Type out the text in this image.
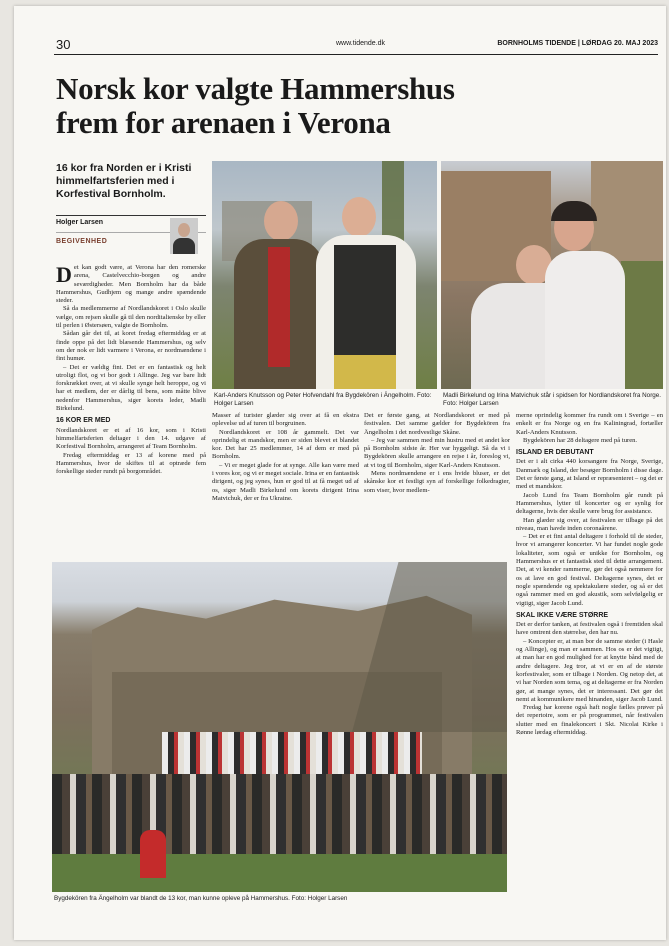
30	www.tidende.dk	BORNHOLMS TIDENDE | LØRDAG 20. MAJ 2023
Norsk kor valgte Hammershus frem for arenaen i Verona
16 kor fra Norden er i Kristi himmelfartsferien med i Korfestival Bornholm.
Holger Larsen
BEGIVENHED
Karl-Anders Knutsson og Peter Hofvendahl fra Bygdekören i Ängelholm. Foto: Holger Larsen
Madli Birkelund og Irina Matvichuk står i spidsen for Nordlandskoret fra Norge. Foto: Holger Larsen

Det kan godt være, at Verona har den romerske arena, Castelvecchio-borgen og andre seværdigheder. Men Bornholm har da både Hammershus, Gudhjem og mange andre spændende steder.

Så da medlemmerne af Nordlandskoret i Oslo skulle vælge, om rejsen skulle gå til den norditalienske by eller til perlen i Østersøen, valgte de Bornholm.

Sådan går det til, at koret fredag eftermiddag er at finde oppe på det lidt blæsende Hammershus, og selv om der nok er lidt varmere i Verona, er nordmændene i fint humør.

– Det er vældig fint. Det er en fantastisk og helt utroligt flot, og vi bor godt i Allinge. Jeg var bare lidt forskrækket over, at vi skulle synge helt heroppe, og vi har et medlem, der er dårlig til bens, som måtte blive nedenfor Hammershus, siger korets leder, Madli Birkelund.

16 KOR ER MED

Nordlandskoret er et af 16 kor, som i Kristi himmelfartsferien deltager i den 14. udgave af Korfestival Bornholm, arrangeret af Team Bornholm.

Fredag eftermiddag er 13 af korene med på Hammershus, hvor de skiftes til at optræde fem forskellige steder rundt på borgområdet.

Masser af turister glæder sig over at få en ekstra oplevelse ud af turen til borgruinen.

Nordlandskoret er 108 år gammelt. Det var oprindelig et mandskor, men er siden blevet et blandet kor. Det har 25 medlemmer, 14 af dem er med på Bornholm.

– Vi er meget glade for at synge. Alle kan være med i vores kor, og vi er meget sociale. Irina er en fantastisk dirigent, og jeg synes, hun er god til at få meget ud af os, siger Madli Birkelund om korets dirigent Irina Matvichuk, der er fra Ukraine.

Det er første gang, at Nordlandskoret er med på festivalen. Det samme gælder for Bygdekören fra Ängelholm i det nordvestlige Skåne.

– Jeg var sammen med min hustru med et andet kor på Bornholm sidste år. Her var hyggeligt. Så da vi i Bygdekören skulle arrangere en rejse i år, foreslog vi, at vi tog til Bornholm, siger Karl-Anders Knutsson.

Mens nordmændene er i ens hvide bluser, er det skånske kor et festligt syn af forskellige folkedragter, som viser, hvor medlem-

merne oprindelig kommer fra rundt om i Sverige – en enkelt er fra Norge og en fra Kaliningrad, fortæller Karl-Anders Knutsson.

Bygdekören har 28 deltagere med på turen.

ISLAND ER DEBUTANT

Det er i alt cirka 440 korsangere fra Norge, Sverige, Danmark og Island, der besøger Bornholm i disse dage. Det er første gang, at Island er repræsenteret – og det er med et mandskor.

Jacob Lund fra Team Bornholm går rundt på Hammershus, lytter til koncerter og er synlig for deltagerne, hvis der skulle være brug for assistance.

Han glæder sig over, at festivalen er tilbage på det niveau, man havde inden coronaårene.

– Det er et fint antal deltagere i forhold til de steder, hvor vi arrangerer koncerter. Vi har fundet nogle gode lokaliteter, som også er unikke for Bornholm, og Hammershus er et fantastisk sted til dette arrangement. Det, at vi kender rammerne, gør det også nemmere for os at lave en god festival. Deltagerne synes, det er nogle spændende og spektakulære steder, og så er det også rammer med en god akustik, som selvfølgelig er vigtigt, siger Jacob Lund.

SKAL IKKE VÆRE STØRRE

Det er derfor tanken, at festivalen også i fremtiden skal have omtrent den størrelse, den har nu.

– Koncepter er, at man bor de samme steder (i Hasle og Allinge), og man er sammen. Hos os er det vigtigt, at man har en god mulighed for at knytte bånd med de andre deltagere. Jeg tror, at vi er en af de største korfestivaler, som er tilbage i Norden. Og netop det, at vi har Norden som tema, og at deltagerne er fra Norden gør, at mange synes, det er interessant. Det gør det nemt at kommunikere med hinanden, siger Jacob Lund.

Fredag har korene også haft nogle fælles prøver på det repertoire, som er på programmet, når festivalen slutter med en finalekoncert i Skt. Nicolai Kirke i Rønne lørdag eftermiddag.

Bygdekören fra Ängelholm var blandt de 13 kor, man kunne opleve på Hammershus. Foto: Holger Larsen
